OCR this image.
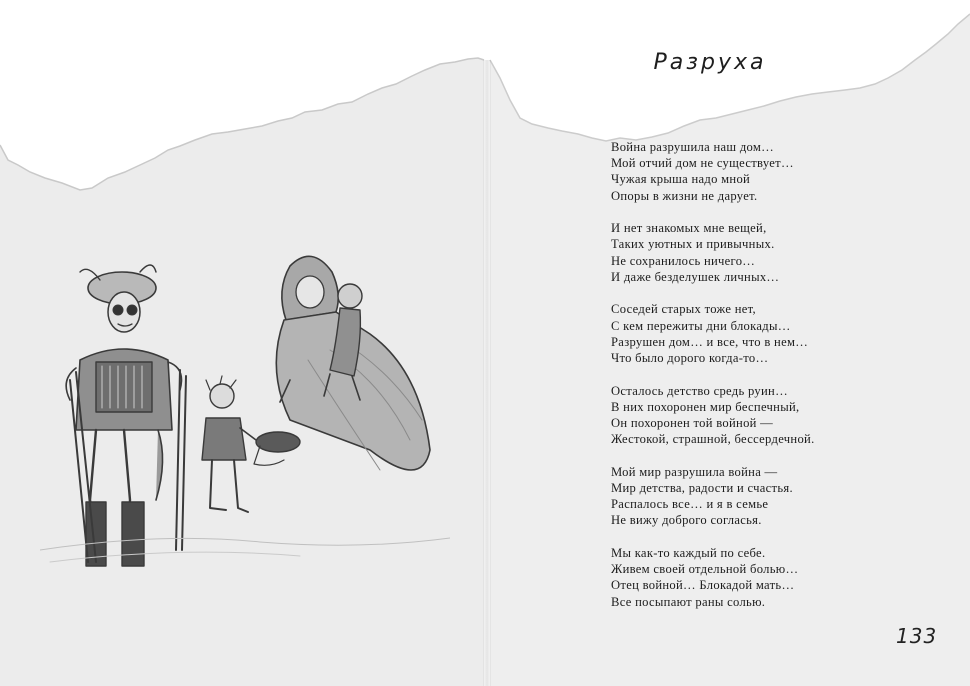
Разруха
Война разрушила наш дом…
Мой отчий дом не существует…
Чужая крыша надо мной
Опоры в жизни не дарует.
И нет знакомых мне вещей,
Таких уютных и привычных.
Не сохранилось ничего…
И даже безделушек личных…
Соседей старых тоже нет,
С кем пережиты дни блокады…
Разрушен дом… и все, что в нем…
Что было дорого когда-то…
Осталось детство средь руин…
В них похоронен мир беспечный,
Он похоронен той войной —
Жестокой, страшной, бессердечной.
Мой мир разрушила война —
Мир детства, радости и счастья.
Распалось все… и я в семье
Не вижу доброго согласья.
Мы как-то каждый по себе.
Живем своей отдельной болью…
Отец войной… Блокадой мать…
Все посыпают раны солью.
133
